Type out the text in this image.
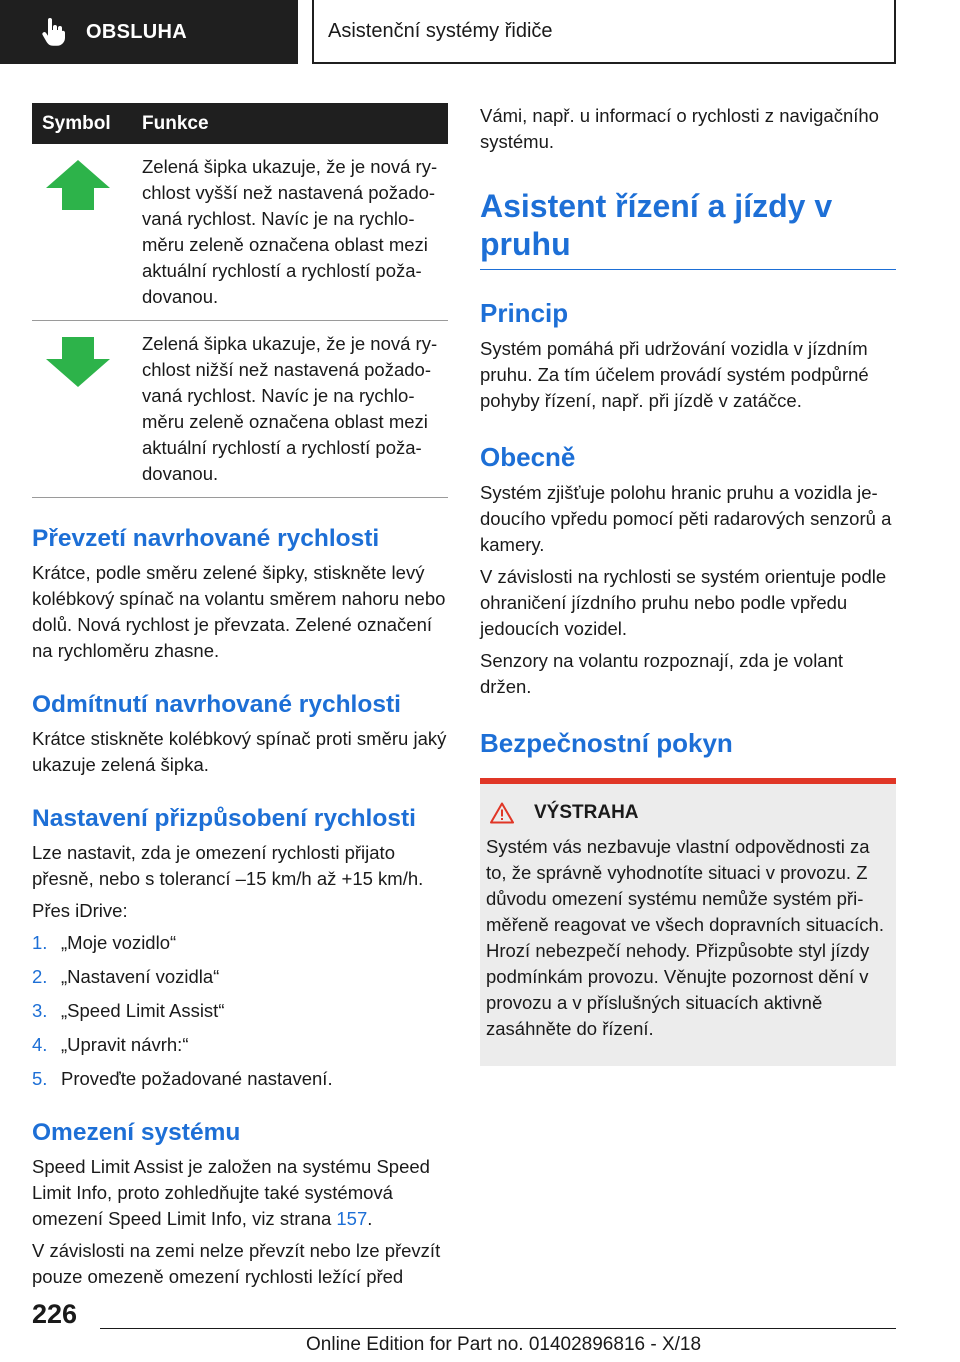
OBSLUHA	Asistenční systémy řidiče
Symbol	Funkce

	Zelená šipka ukazuje, že je nová rychlost vyšší než nastavená požadovaná rychlost. Navíc je na rychloměru zeleně označena oblast mezi aktuální rychlostí a rychlostí požadovanou.

	Zelená šipka ukazuje, že je nová rychlost nižší než nastavená požadovaná rychlost. Navíc je na rychloměru zeleně označena oblast mezi aktuální rychlostí a rychlostí požadovanou.
Převzetí navrhované rychlosti

Krátce, podle směru zelené šipky, stiskněte levý kolébkový spínač na volantu směrem nahoru nebo dolů. Nová rychlost je převzata. Zelené označení na rychloměru zhasne.

Odmítnutí navrhované rychlosti

Krátce stiskněte kolébkový spínač proti směru jaký ukazuje zelená šipka.

Nastavení přizpůsobení rychlosti

Lze nastavit, zda je omezení rychlosti přijato přesně, nebo s tolerancí –15 km/h až +15 km/h.

Přes iDrive:

1. „Moje vozidlo“
2. „Nastavení vozidla“
3. „Speed Limit Assist“
4. „Upravit návrh:“
5. Proveďte požadované nastavení.
Omezení systému

Speed Limit Assist je založen na systému Speed Limit Info, proto zohledňujte také systémová omezení Speed Limit Info, viz strana 157.

V závislosti na zemi nelze převzít nebo lze převzít pouze omezeně omezení rychlosti ležící před

Vámi, např. u informací o rychlosti z navigačního systému.

Asistent řízení a jízdy v pruhu
Princip

Systém pomáhá při udržování vozidla v jízdním pruhu. Za tím účelem provádí systém podpůrné pohyby řízení, např. při jízdě v zatáčce.

Obecně

Systém zjišťuje polohu hranic pruhu a vozidla jedoucího vpředu pomocí pěti radarových senzorů a kamery.

V závislosti na rychlosti se systém orientuje podle ohraničení jízdního pruhu nebo podle vpředu jedoucích vozidel.

Senzory na volantu rozpoznají, zda je volant držen.

Bezpečnostní pokyn
VÝSTRAHA

Systém vás nezbavuje vlastní odpovědnosti za to, že správně vyhodnotíte situaci v provozu. Z důvodu omezení systému nemůže systém přiměřeně reagovat ve všech dopravních situacích. Hrozí nebezpečí nehody. Přizpůsobte styl jízdy podmínkám provozu. Věnujte pozornost dění v provozu a v příslušných situacích aktivně zasáhněte do řízení.

226
Online Edition for Part no. 01402896816 - X/18
